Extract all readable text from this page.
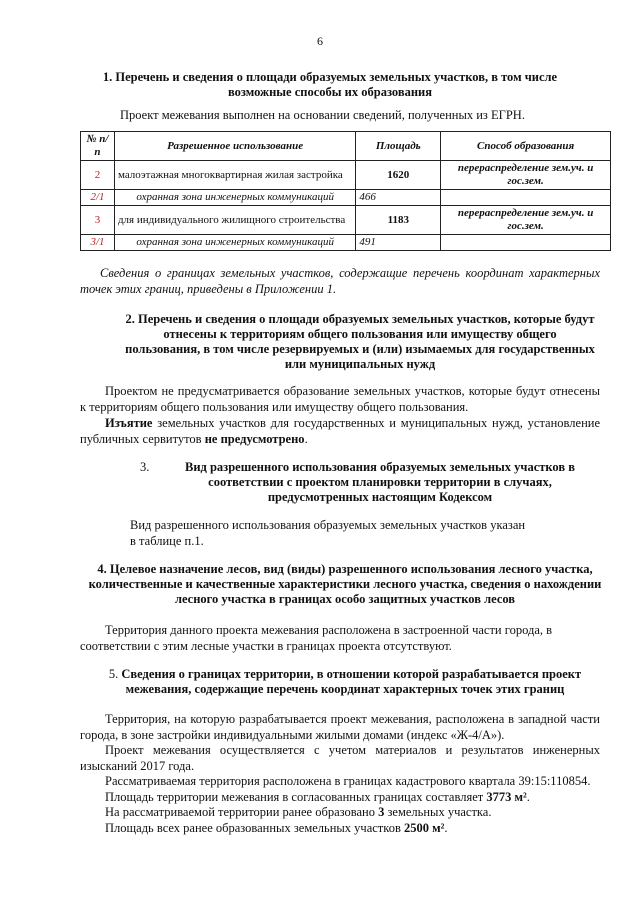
6
1. Перечень и сведения о площади образуемых земельных участков, в том числе
возможные способы их образования
Проект межевания выполнен на основании сведений, полученных из ЕГРН.
№ п/п	Разрешенное использование	Площадь	Способ образования
2	малоэтажная многоквартирная жилая застройка	1620	перераспределение зем.уч. и гос.зем.
2/1	охранная зона инженерных коммуникаций	466	
3	для индивидуального жилищного строительства	1183	перераспределение зем.уч. и гос.зем.
3/1	охранная зона инженерных коммуникаций	491	
Сведения о границах земельных участков, содержащие перечень координат характерных точек этих границ, приведены в Приложении 1.
2. Перечень и сведения о площади образуемых земельных участков, которые будут отнесены к территориям общего пользования или имуществу общего пользования, в том числе резервируемых и (или) изымаемых для государственных или муниципальных нужд
Проектом не предусматривается образование земельных участков, которые будут отнесены к территориям общего пользования или имуществу общего пользования.
Изъятие земельных участков для государственных и муниципальных нужд, установление публичных сервитутов не предусмотрено.
3.	Вид разрешенного использования образуемых земельных участков в соответствии с проектом планировки территории в случаях, предусмотренных настоящим Кодексом
Вид разрешенного использования образуемых земельных участков указан в таблице п.1.
4. Целевое назначение лесов, вид (виды) разрешенного использования лесного участка, количественные и качественные характеристики лесного участка, сведения о нахождении лесного участка в границах особо защитных участков лесов
Территория данного проекта межевания расположена в застроенной части города, в соответствии с этим лесные участки в границах проекта отсутствуют.
5. Сведения о границах территории, в отношении которой разрабатывается проект межевания, содержащие перечень координат характерных точек этих границ
Территория, на которую разрабатывается проект межевания, расположена в западной части города, в зоне застройки индивидуальными жилыми домами (индекс «Ж-4/А»).
Проект межевания осуществляется с учетом материалов и результатов инженерных изысканий 2017 года.
Рассматриваемая территория расположена в границах кадастрового квартала 39:15:110854.
Площадь территории межевания в согласованных границах составляет 3773 м².
На рассматриваемой территории ранее образовано 3 земельных участка.
Площадь всех ранее образованных земельных участков 2500 м².
